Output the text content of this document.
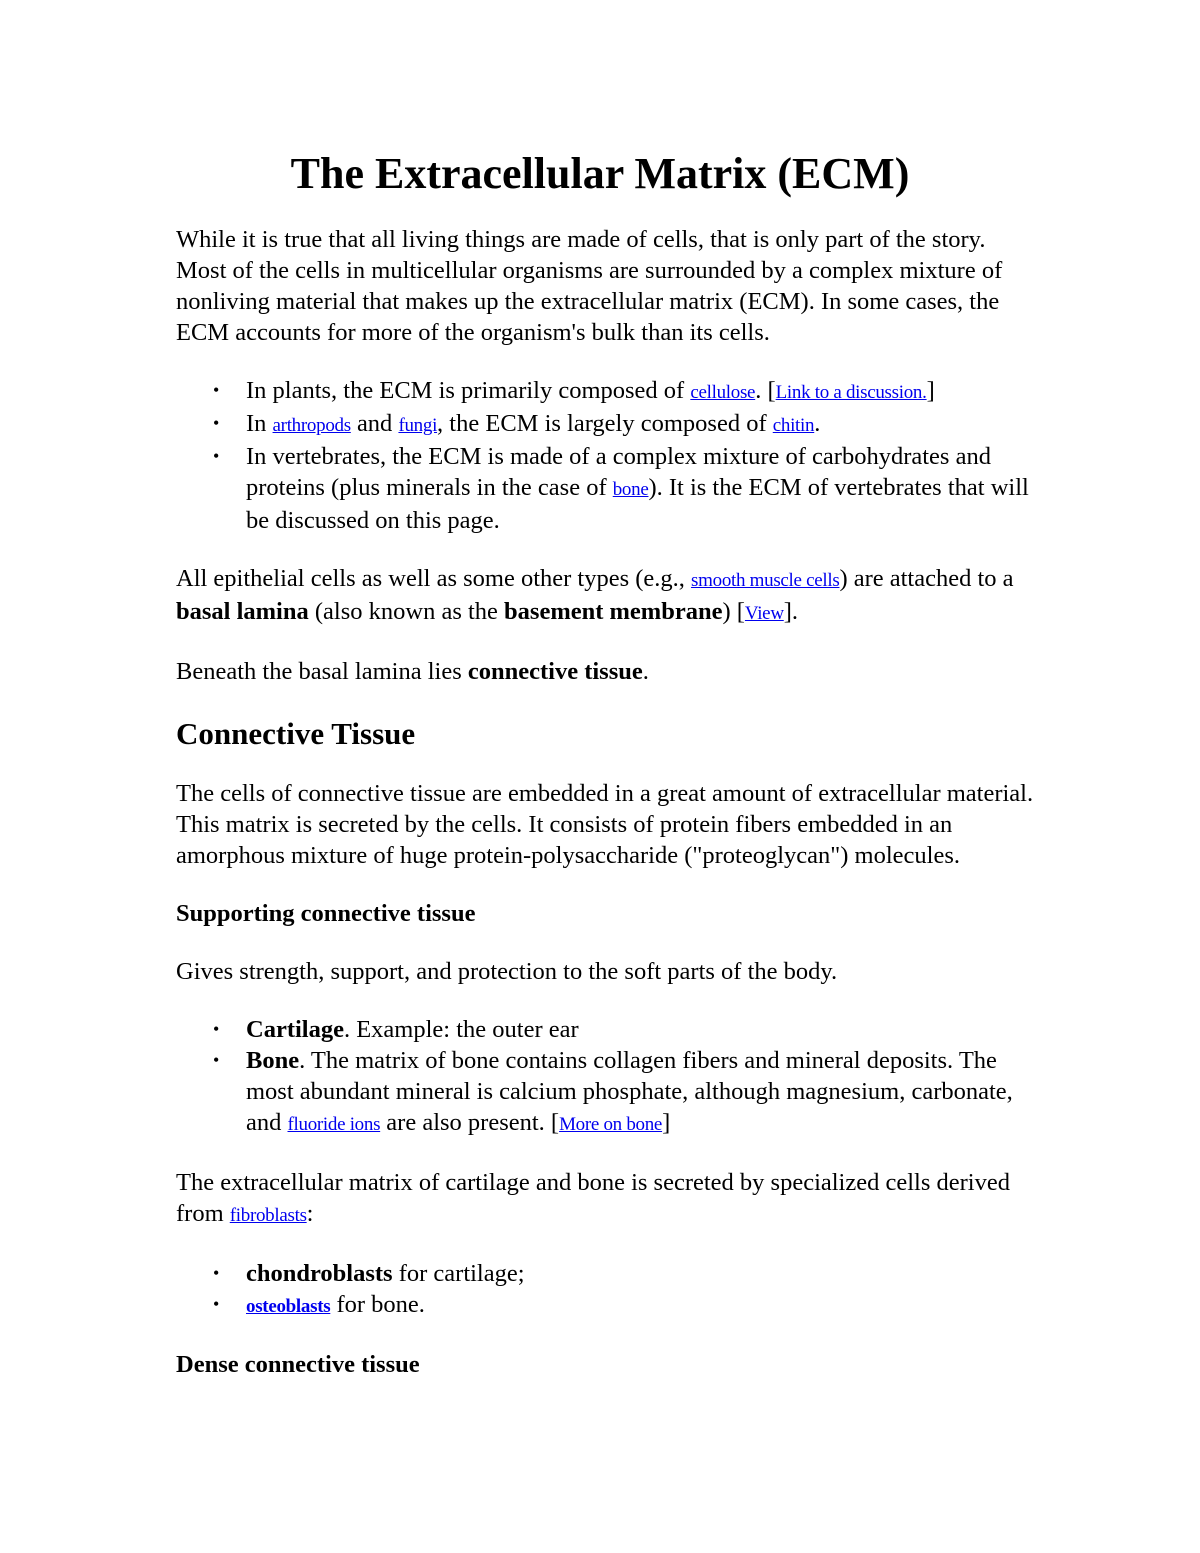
The Extracellular Matrix (ECM)

While it is true that all living things are made of cells, that is only part of the story. Most of the cells in multicellular organisms are surrounded by a complex mixture of nonliving material that makes up the extracellular matrix (ECM). In some cases, the ECM accounts for more of the organism's bulk than its cells.

• In plants, the ECM is primarily composed of cellulose. [Link to a discussion.]
• In arthropods and fungi, the ECM is largely composed of chitin.
• In vertebrates, the ECM is made of a complex mixture of carbohydrates and proteins (plus minerals in the case of bone). It is the ECM of vertebrates that will be discussed on this page.

All epithelial cells as well as some other types (e.g., smooth muscle cells) are attached to a basal lamina (also known as the basement membrane) [View].

Beneath the basal lamina lies connective tissue.

Connective Tissue

The cells of connective tissue are embedded in a great amount of extracellular material. This matrix is secreted by the cells. It consists of protein fibers embedded in an amorphous mixture of huge protein-polysaccharide ("proteoglycan") molecules.

Supporting connective tissue

Gives strength, support, and protection to the soft parts of the body.

• Cartilage. Example: the outer ear
• Bone. The matrix of bone contains collagen fibers and mineral deposits. The most abundant mineral is calcium phosphate, although magnesium, carbonate, and fluoride ions are also present. [More on bone]

The extracellular matrix of cartilage and bone is secreted by specialized cells derived from fibroblasts:

• chondroblasts for cartilage;
• osteoblasts for bone.

Dense connective tissue
